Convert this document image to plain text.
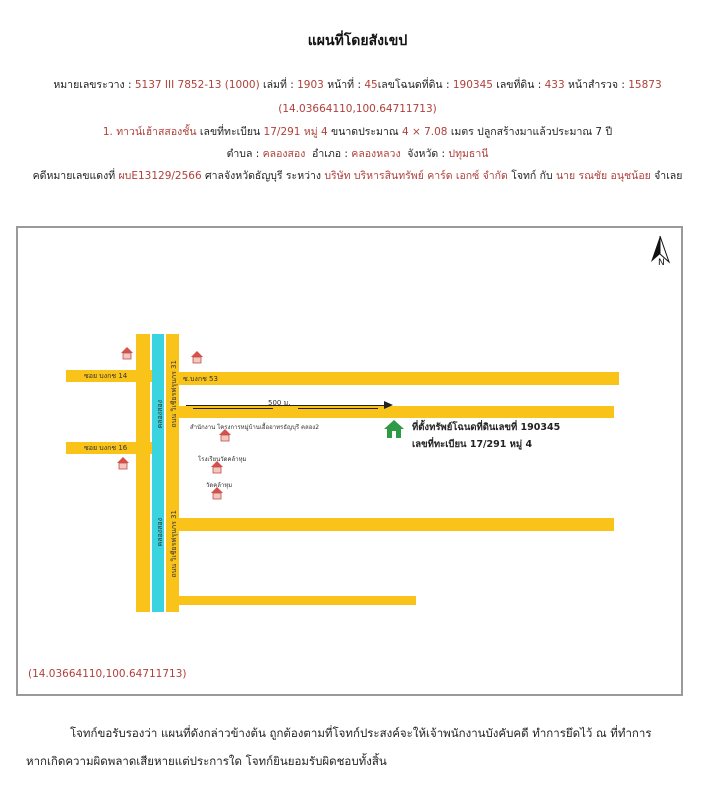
แผนที่โดยสังเขป
หมายเลขระวาง : 5137 III 7852-13 (1000) เล่มที่ : 1903 หน้าที่ : 45เลขโฉนดที่ดิน : 190345 เลขที่ดิน : 433 หน้าสำรวจ : 15873
(14.03664110,100.64711713)
1. ทาวน์เฮ้าสสองชั้น เลขที่ทะเบียน 17/291 หมู่ 4 ขนาดประมาณ 4 × 7.08 เมตร ปลูกสร้างมาแล้วประมาณ 7 ปี
ตำบล : คลองสอง อำเภอ : คลองหลวง จังหวัด : ปทุมธานี
คดีหมายเลขแดงที่ ผบE13129/2566 ศาลจังหวัดธัญบุรี ระหว่าง บริษัท บริหารสินทรัพย์ คาร์ด เอกซ์ จำกัด โจทก์ กับ นาย รณชัย อนุชน้อย จำเลย
N
ซอย บงกช 14	ซ.บงกช 53
ซอย บงกช 16
คลองสอง
คลองสอง
ถนน วิเชียรฟรุนกร 31
ถนน วิเชียรฟรุนกร 31
500 ม.
สำนักงาน โครงการหมู่บ้านเอื้ออาทรธัญบุรี คลอง2
โรงเรียนวัดคล้าหุม
วัดคล้าหุม
ที่ตั้งทรัพย์โฉนดที่ดินเลขที่ 190345
เลขที่ทะเบียน 17/291 หมู่ 4
(14.03664110,100.64711713)
โจทก์ขอรับรองว่า แผนที่ดังกล่าวข้างต้น ถูกต้องตามที่โจทก์ประสงค์จะให้เจ้าพนักงานบังคับคดี ทำการยึดไว้ ณ ที่ทำการ
หากเกิดความผิดพลาดเสียหายแต่ประการใด โจทก์ยินยอมรับผิดชอบทั้งสิ้น
